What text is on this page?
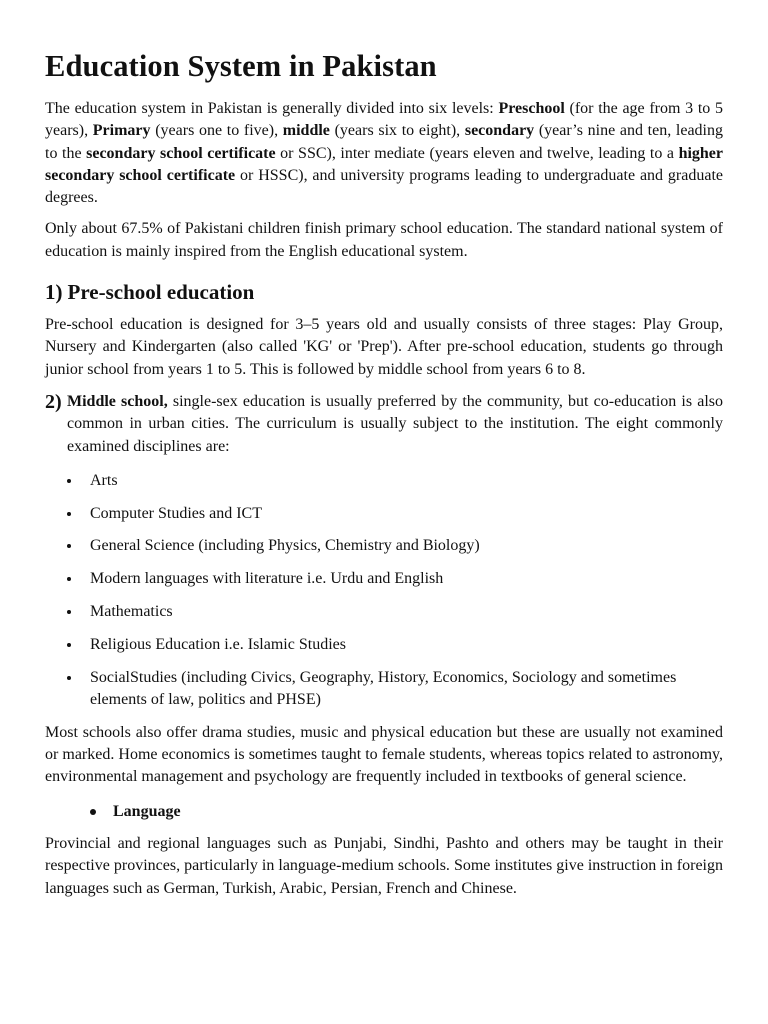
Education System in Pakistan

The education system in Pakistan is generally divided into six levels: Preschool (for the age from 3 to 5 years), Primary (years one to five), middle (years six to eight), secondary (year’s nine and ten, leading to the secondary school certificate or SSC), inter mediate (years eleven and twelve, leading to a higher secondary school certificate or HSSC), and university programs leading to undergraduate and graduate degrees.

Only about 67.5% of Pakistani children finish primary school education. The standard national system of education is mainly inspired from the English educational system.

1) Pre-school education

Pre-school education is designed for 3–5 years old and usually consists of three stages: Play Group, Nursery and Kindergarten (also called 'KG' or 'Prep'). After pre-school education, students go through junior school from years 1 to 5. This is followed by middle school from years 6 to 8.

2) Middle school, single-sex education is usually preferred by the community, but co-education is also common in urban cities. The curriculum is usually subject to the institution. The eight commonly examined disciplines are:

Arts
Computer Studies and ICT
General Science (including Physics, Chemistry and Biology)
Modern languages with literature i.e. Urdu and English
Mathematics
Religious Education i.e. Islamic Studies
SocialStudies (including Civics, Geography, History, Economics, Sociology and sometimes elements of law, politics and PHSE)

Most schools also offer drama studies, music and physical education but these are usually not examined or marked. Home economics is sometimes taught to female students, whereas topics related to astronomy, environmental management and psychology are frequently included in textbooks of general science.

Language

Provincial and regional languages such as Punjabi, Sindhi, Pashto and others may be taught in their respective provinces, particularly in language-medium schools. Some institutes give instruction in foreign languages such as German, Turkish, Arabic, Persian, French and Chinese.
